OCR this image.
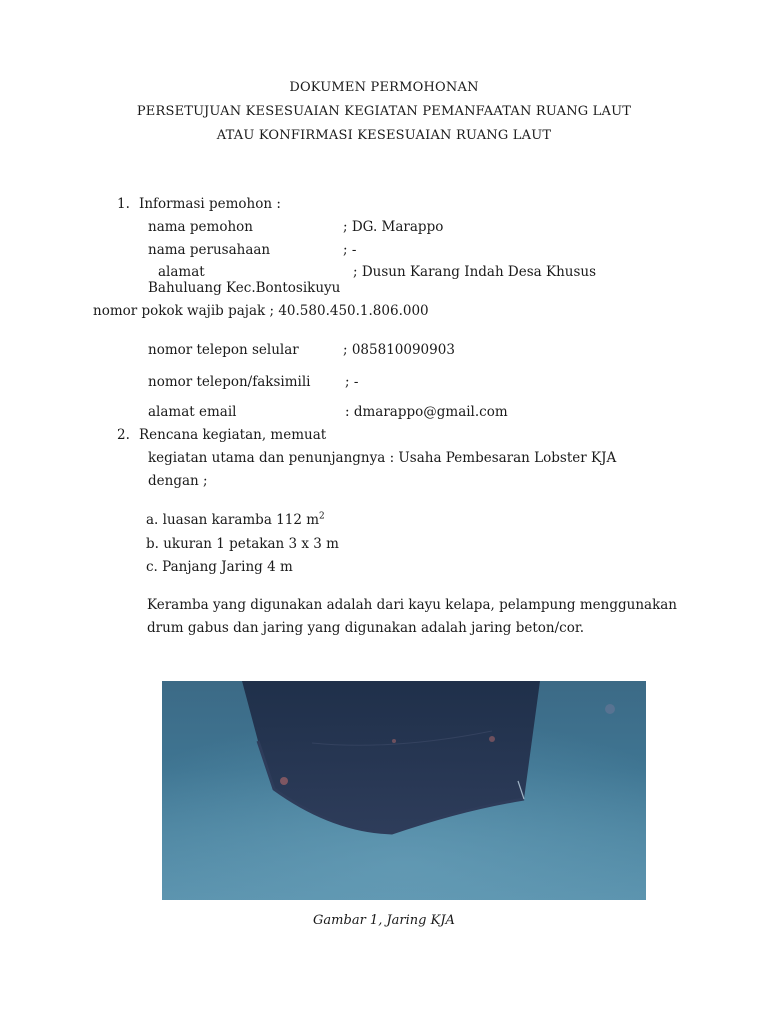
DOKUMEN PERMOHONAN
PERSETUJUAN KESESUAIAN KEGIATAN PEMANFAATAN RUANG LAUT
ATAU KONFIRMASI KESESUAIAN RUANG LAUT
1. Informasi pemohon :
nama pemohon	; DG. Marappo
nama perusahaan	; -
alamat	; Dusun Karang Indah Desa Khusus
Bahuluang Kec.Bontosikuyu
nomor pokok wajib pajak ; 40.580.450.1.806.000
nomor telepon selular	; 085810090903
nomor telepon/faksimili	; -
alamat email	: dmarappo@gmail.com
2. Rencana kegiatan, memuat
kegiatan utama dan penunjangnya : Usaha Pembesaran Lobster KJA
dengan ;
a. luasan karamba 112 $m^2$
b. ukuran 1 petakan 3 x 3 m
c. Panjang Jaring 4 m
Keramba yang digunakan adalah dari kayu kelapa, pelampung menggunakan drum gabus dan jaring yang digunakan adalah jaring beton/cor.
Gambar 1, Jaring KJA
